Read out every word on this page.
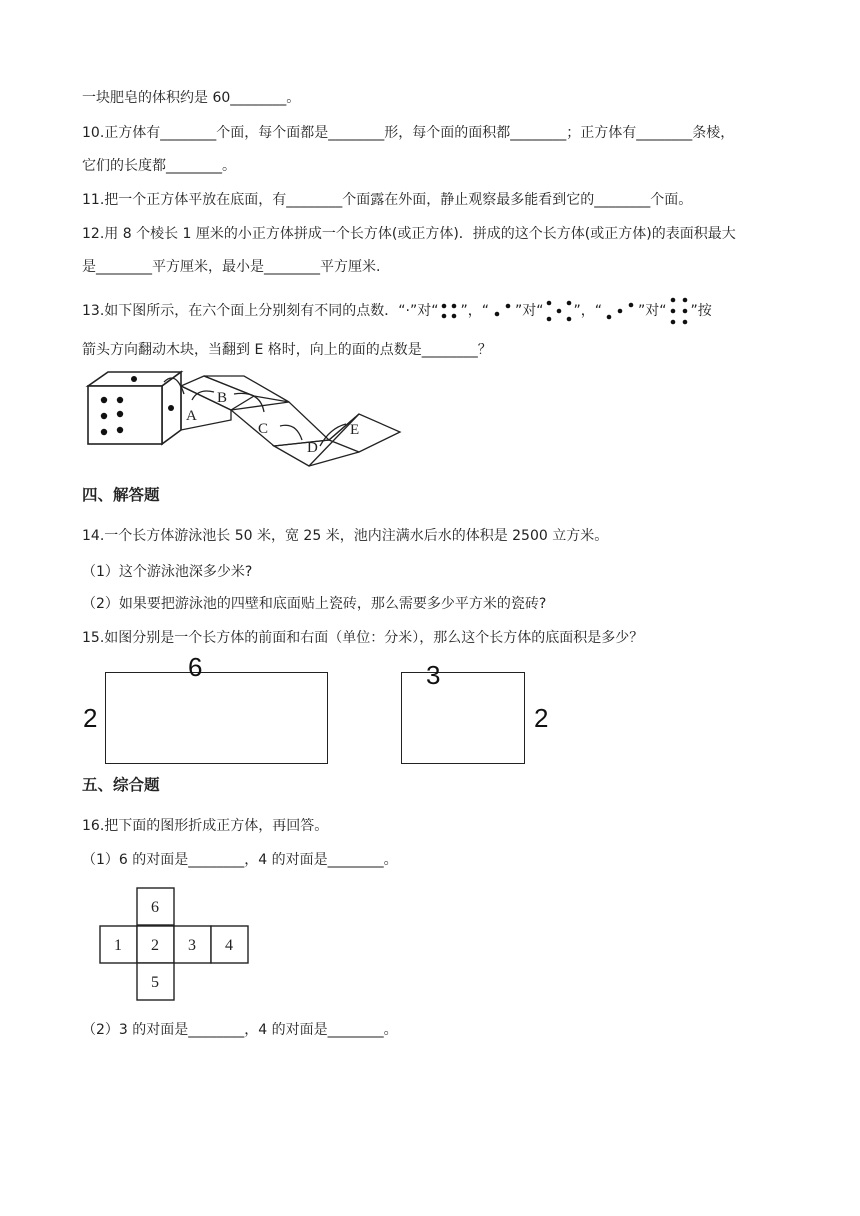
一块肥皂的体积约是 60________。
10.正方体有________个面，每个面都是________形，每个面的面积都________；正方体有________条棱，
它们的长度都________。
11.把一个正方体平放在底面，有________个面露在外面，静止观察最多能看到它的________个面。
12.用 8 个棱长 1 厘米的小正方体拼成一个长方体(或正方体)．拼成的这个长方体(或正方体)的表面积最大
是________平方厘米，最小是________平方厘米.
13.如下图所示，在六个面上分别刻有不同的点数．“·”对“ ”，“ ”对“ ”，“	”对“ ”按
箭头方向翻动木块，当翻到 E 格时，向上的面的点数是________？
A
B
C
D
E
四、解答题
14.一个长方体游泳池长 50 米，宽 25 米，池内注满水后水的体积是 2500 立方米。
（1）这个游泳池深多少米?
（2）如果要把游泳池的四壁和底面贴上瓷砖，那么需要多少平方米的瓷砖?
15.如图分别是一个长方体的前面和右面（单位：分米），那么这个长方体的底面积是多少？
6
2
3
2
五、综合题
16.把下面的图形折成正方体，再回答。
（1）6 的对面是________，4 的对面是________。
6
1 2 3 4
5
（2）3 的对面是________，4 的对面是________。
